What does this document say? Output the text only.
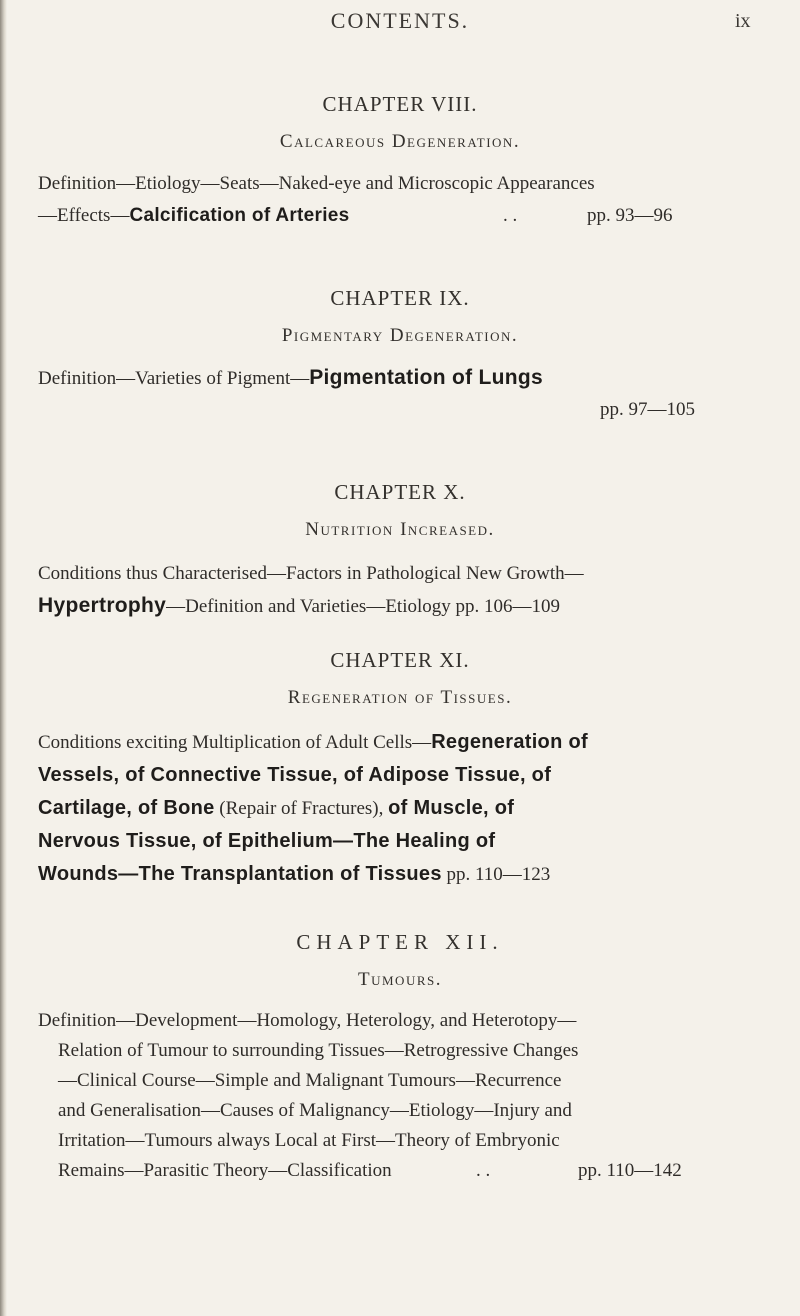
CONTENTS.	ix
CHAPTER VIII.
Calcareous Degeneration.
Definition—Etiology—Seats—Naked-eye and Microscopic Appearances
—Effects—Calcification of Arteries	. .	pp. 93—96
CHAPTER IX.
Pigmentary Degeneration.
Definition—Varieties of Pigment—Pigmentation of Lungs
pp. 97—105
CHAPTER X.
Nutrition Increased.
Conditions thus Characterised—Factors in Pathological New Growth—
Hypertrophy—Definition and Varieties—Etiology pp. 106—109
CHAPTER XI.
Regeneration of Tissues.
Conditions exciting Multiplication of Adult Cells—Regeneration of
Vessels, of Connective Tissue, of Adipose Tissue, of
Cartilage, of Bone (Repair of Fractures), of Muscle, of
Nervous Tissue, of Epithelium—The Healing of
Wounds—The Transplantation of Tissues pp. 110—123
CHAPTER XII.
Tumours.
Definition—Development—Homology, Heterology, and Heterotopy—
Relation of Tumour to surrounding Tissues—Retrogressive Changes
—Clinical Course—Simple and Malignant Tumours—Recurrence
and Generalisation—Causes of Malignancy—Etiology—Injury and
Irritation—Tumours always Local at First—Theory of Embryonic
Remains—Parasitic Theory—Classification	. .	pp. 110—142
